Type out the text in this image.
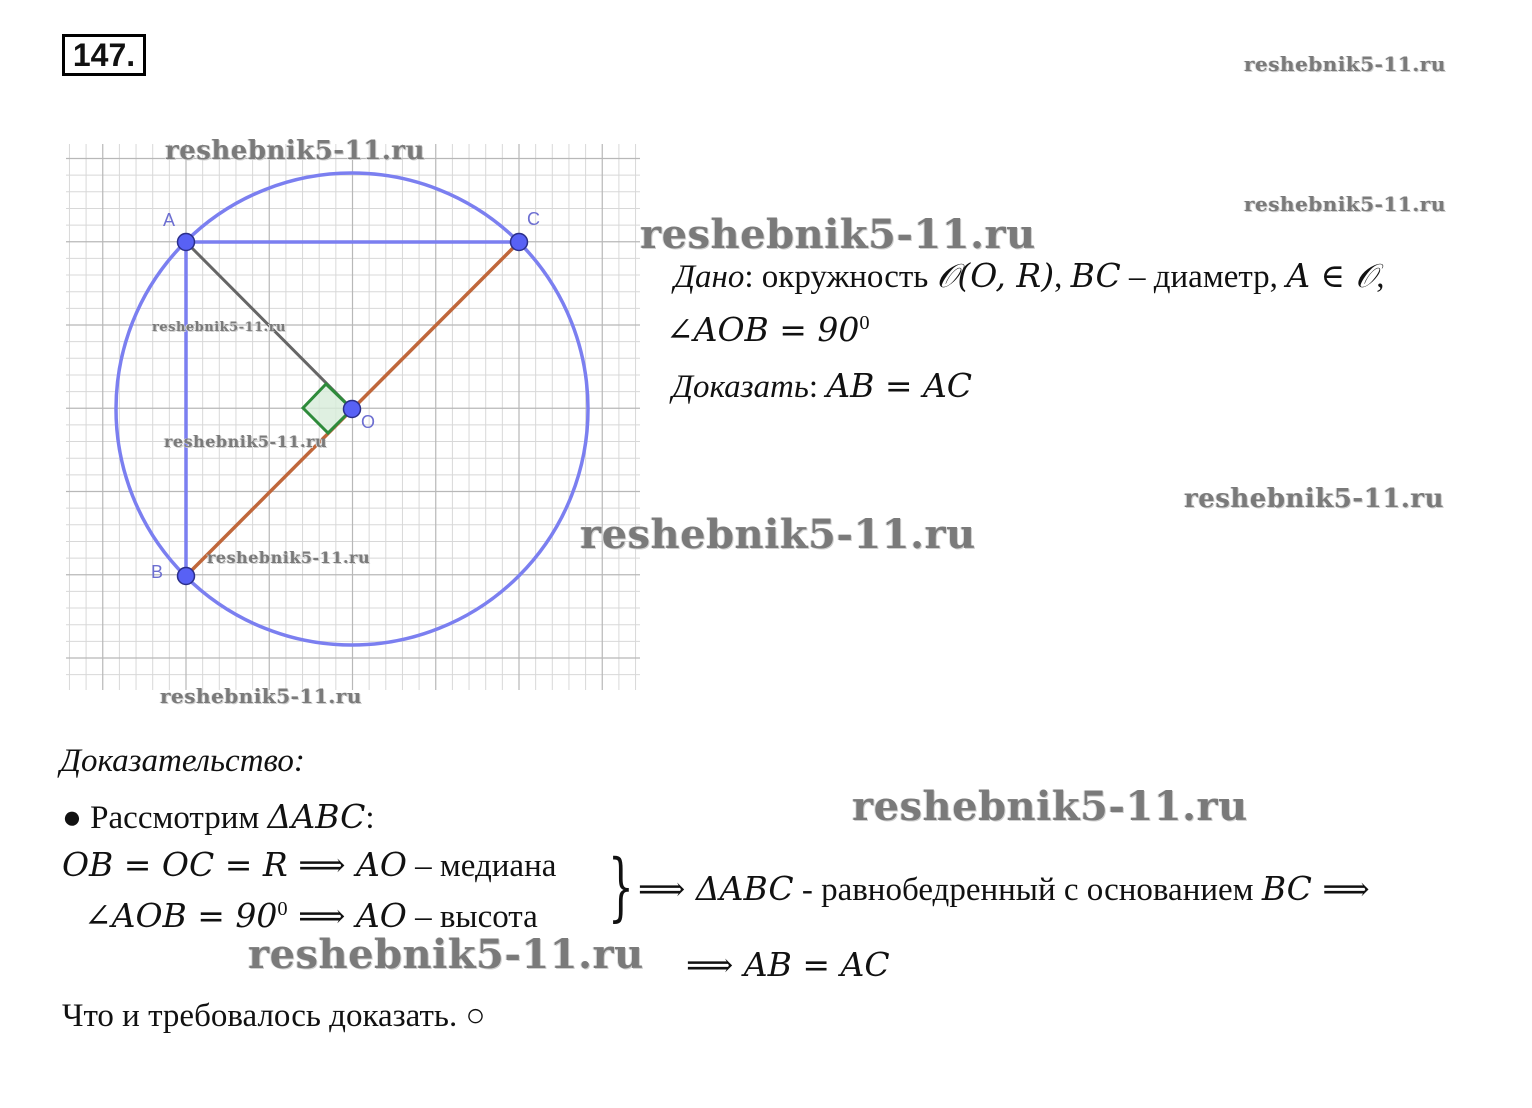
147.
A	C
O
B
reshebnik5-11.ru
reshebnik5-11.ru
reshebnik5-11.ru
reshebnik5-11.ru
reshebnik5-11.ru
reshebnik5-11.ru
reshebnik5-11.ru
reshebnik5-11.ru
reshebnik5-11.ru
reshebnik5-11.ru
reshebnik5-11.ru
reshebnik5-11.ru
Дано: окружность 𝒪(O, R), BC – диаметр, A ∈ 𝒪,
∠AOB = $90^0$
Доказать: AB = AC
Доказательство:
● Рассмотрим ΔABC:
OB = OC = R ⟹ AO – медиана
∠AOB = $90^0$ ⟹ AO – высота } ⟹ ΔABC - равнобедренный с основанием BC ⟹
⟹ AB = AC
Что и требовалось доказать. ○
